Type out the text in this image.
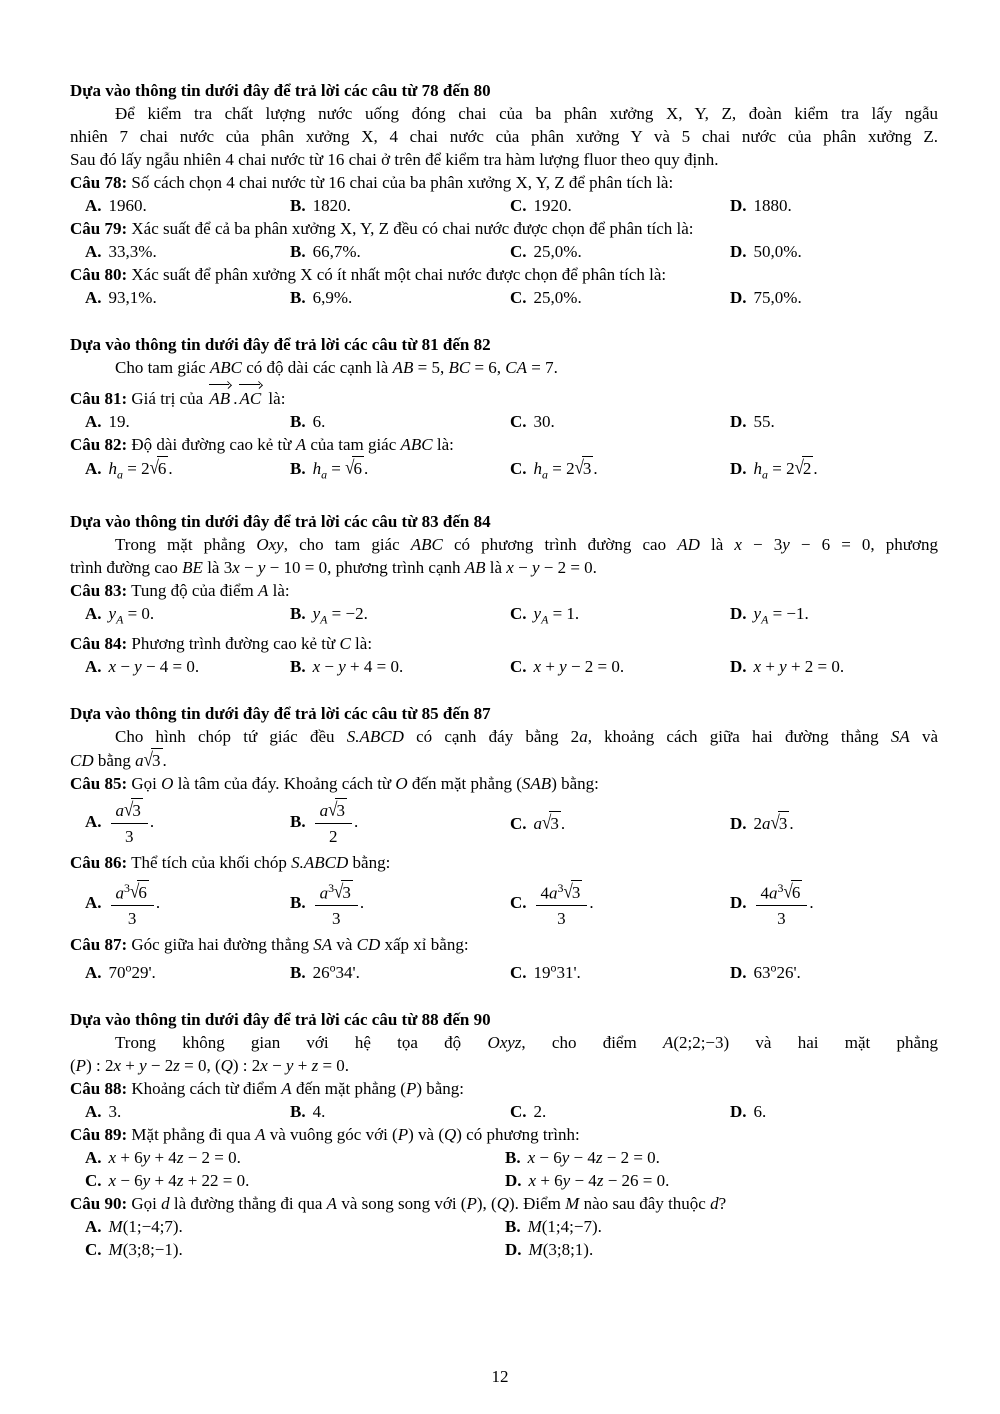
Dựa vào thông tin dưới đây để trả lời các câu từ 78 đến 80

Để kiểm tra chất lượng nước uống đóng chai của ba phân xưởng X, Y, Z, đoàn kiểm tra lấy ngẫu

nhiên 7 chai nước của phân xưởng X, 4 chai nước của phân xưởng Y và 5 chai nước của phân xưởng Z.

Sau đó lấy ngẫu nhiên 4 chai nước từ 16 chai ở trên để kiểm tra hàm lượng fluor theo quy định.

Câu 78: Số cách chọn 4 chai nước từ 16 chai của ba phân xưởng X, Y, Z để phân tích là:

A. 1960.	B. 1820.	C. 1920.	D. 1880.

Câu 79: Xác suất để cả ba phân xưởng X, Y, Z đều có chai nước được chọn để phân tích là:

A. 33,3%.	B. 66,7%.	C. 25,0%.	D. 50,0%.

Câu 80: Xác suất để phân xưởng X có ít nhất một chai nước được chọn để phân tích là:

A. 93,1%.	B. 6,9%.	C. 25,0%.	D. 75,0%.
Dựa vào thông tin dưới đây để trả lời các câu từ 81 đến 82

Cho tam giác ABC có độ dài các cạnh là AB = 5, BC = 6, CA = 7.

Câu 81: Giá trị của AB . AC là:

A. 19.	B. 6.	C. 30.	D. 55.

Câu 82: Độ dài đường cao kẻ từ A của tam giác ABC là:

A. $h_a = 2√6$ .	B. $h_a = √6$ .	C. $h_a = 2√3$ .	D. $h_a = 2√2$ .
Dựa vào thông tin dưới đây để trả lời các câu từ 83 đến 84

Trong mặt phẳng Oxy, cho tam giác ABC có phương trình đường cao AD là x − 3y − 6 = 0, phương

trình đường cao BE là 3x − y − 10 = 0, phương trình cạnh AB là x − y − 2 = 0.

Câu 83: Tung độ của điểm A là:

A. $y_A = 0$.	B. $y_A = -2$.	C. $y_A = 1$.	D. $y_A = -1$.

Câu 84: Phương trình đường cao kẻ từ C là:

A. x − y − 4 = 0.	B. x − y + 4 = 0.	C. x + y − 2 = 0.	D. x + y + 2 = 0.
Dựa vào thông tin dưới đây để trả lời các câu từ 85 đến 87

Cho hình chóp tứ giác đều S.ABCD có cạnh đáy bằng 2a, khoảng cách giữa hai đường thẳng SA và

CD bằng a√3 .

Câu 85: Gọi O là tâm của đáy. Khoảng cách từ O đến mặt phẳng (SAB) bằng:

A. $\frac{a√3}{3}$ .	B. $\frac{a√3}{2}$ .	C. a√3 .	D. 2a√3 .

Câu 86: Thể tích của khối chóp S.ABCD bằng:

A. $\frac{a^3√6}{3}$ .	B. $\frac{a^3√3}{3}$ .	C. $\frac{4a^3√3}{3}$ .	D. $\frac{4a^3√6}{3}$ .

Câu 87: Góc giữa hai đường thẳng SA và CD xấp xỉ bằng:

A. 70$^o$29'.	B. 26$^o$34'.	C. 19$^o$31'.	D. 63$^o$26'.
Dựa vào thông tin dưới đây để trả lời các câu từ 88 đến 90

Trong không gian với hệ tọa độ Oxyz, cho điểm A(2;2;−3) và hai mặt phẳng

(P) : 2x + y − 2z = 0, (Q) : 2x − y + z = 0.

Câu 88: Khoảng cách từ điểm A đến mặt phẳng (P) bằng:

A. 3.	B. 4.	C. 2.	D. 6.

Câu 89: Mặt phẳng đi qua A và vuông góc với (P) và (Q) có phương trình:

A. x + 6y + 4z − 2 = 0.	B. x − 6y − 4z − 2 = 0.
C. x − 6y + 4z + 22 = 0.	D. x + 6y − 4z − 26 = 0.

Câu 90: Gọi d là đường thẳng đi qua A và song song với (P), (Q). Điểm M nào sau đây thuộc d?

A. M(1;−4;7).	B. M(1;4;−7).
C. M(3;8;−1).	D. M(3;8;1).
12
